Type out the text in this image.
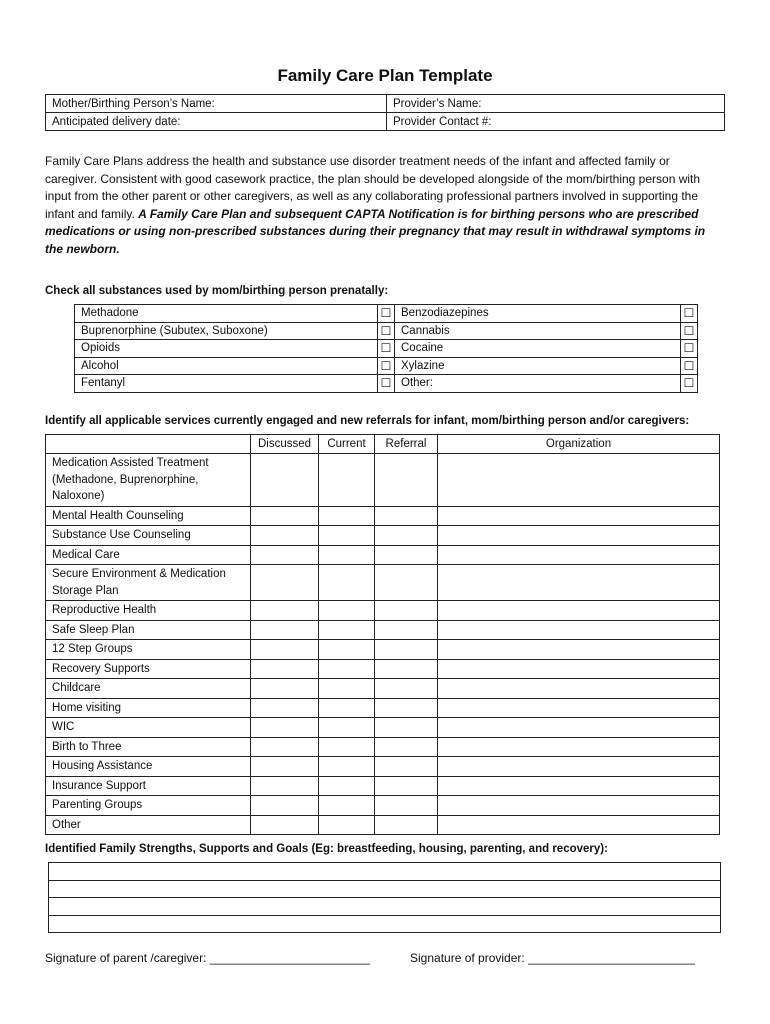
Family Care Plan Template
Mother/Birthing Person’s Name:	Provider’s Name:
Anticipated delivery date:	Provider Contact #:
Family Care Plans address the health and substance use disorder treatment needs of the infant and affected family or caregiver. Consistent with good casework practice, the plan should be developed alongside of the mom/birthing person with input from the other parent or other caregivers, as well as any collaborating professional partners involved in supporting the infant and family. A Family Care Plan and subsequent CAPTA Notification is for birthing persons who are prescribed medications or using non-prescribed substances during their pregnancy that may result in withdrawal symptoms in the newborn.
Check all substances used by mom/birthing person prenatally:
Methadone	☐	Benzodiazepines	☐
Buprenorphine (Subutex, Suboxone)	☐	Cannabis	☐
Opioids	☐	Cocaine	☐
Alcohol	☐	Xylazine	☐
Fentanyl	☐	Other:	☐
Identify all applicable services currently engaged and new referrals for infant, mom/birthing person and/or caregivers:
	Discussed	Current	Referral	Organization
Medication Assisted Treatment (Methadone, Buprenorphine, Naloxone)				
Mental Health Counseling				
Substance Use Counseling				
Medical Care				
Secure Environment & Medication Storage Plan				
Reproductive Health				
Safe Sleep Plan				
12 Step Groups				
Recovery Supports				
Childcare				
Home visiting				
WIC				
Birth to Three				
Housing Assistance				
Insurance Support				
Parenting Groups				
Other				
Identified Family Strengths, Supports and Goals (Eg: breastfeeding, housing, parenting, and recovery):

Signature of parent /caregiver: ________________________	Signature of provider: _________________________
